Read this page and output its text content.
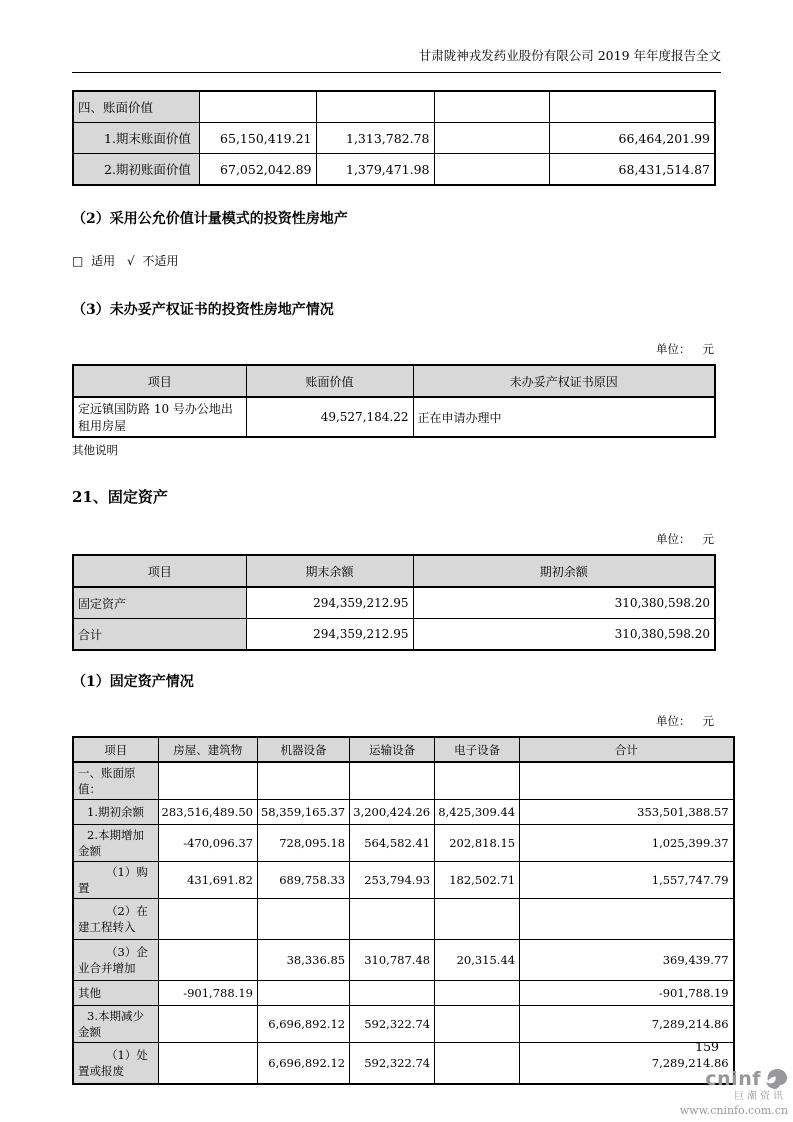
甘肃陇神戎发药业股份有限公司 2019 年年度报告全文
四、账面价值				
1.期末账面价值	65,150,419.21	1,313,782.78		66,464,201.99
2.期初账面价值	67,052,042.89	1,379,471.98		68,431,514.87
（2）采用公允价值计量模式的投资性房地产
□ 适用 √ 不适用
（3）未办妥产权证书的投资性房地产情况
单位： 元
项目	账面价值	未办妥产权证书原因
定远镇国防路 10 号办公地出租用房屋	49,527,184.22	正在申请办理中
其他说明
21、固定资产
单位： 元
项目	期末余额	期初余额
固定资产	294,359,212.95	310,380,598.20
合计	294,359,212.95	310,380,598.20
（1）固定资产情况
单位： 元
项目	房屋、建筑物	机器设备	运输设备	电子设备	合计
一、账面原值：					
1.期初余额	283,516,489.50	58,359,165.37	3,200,424.26	8,425,309.44	353,501,388.57
2.本期增加金额	-470,096.37	728,095.18	564,582.41	202,818.15	1,025,399.37
（1）购置	431,691.82	689,758.33	253,794.93	182,502.71	1,557,747.79
（2）在建工程转入					
（3）企业合并增加		38,336.85	310,787.48	20,315.44	369,439.77
其他	-901,788.19				-901,788.19
3.本期减少金额		6,696,892.12	592,322.74		7,289,214.86
（1）处置或报废		6,696,892.12	592,322.74		7,289,214.86
159
cninf
巨潮资讯
www.cninfo.com.cn
